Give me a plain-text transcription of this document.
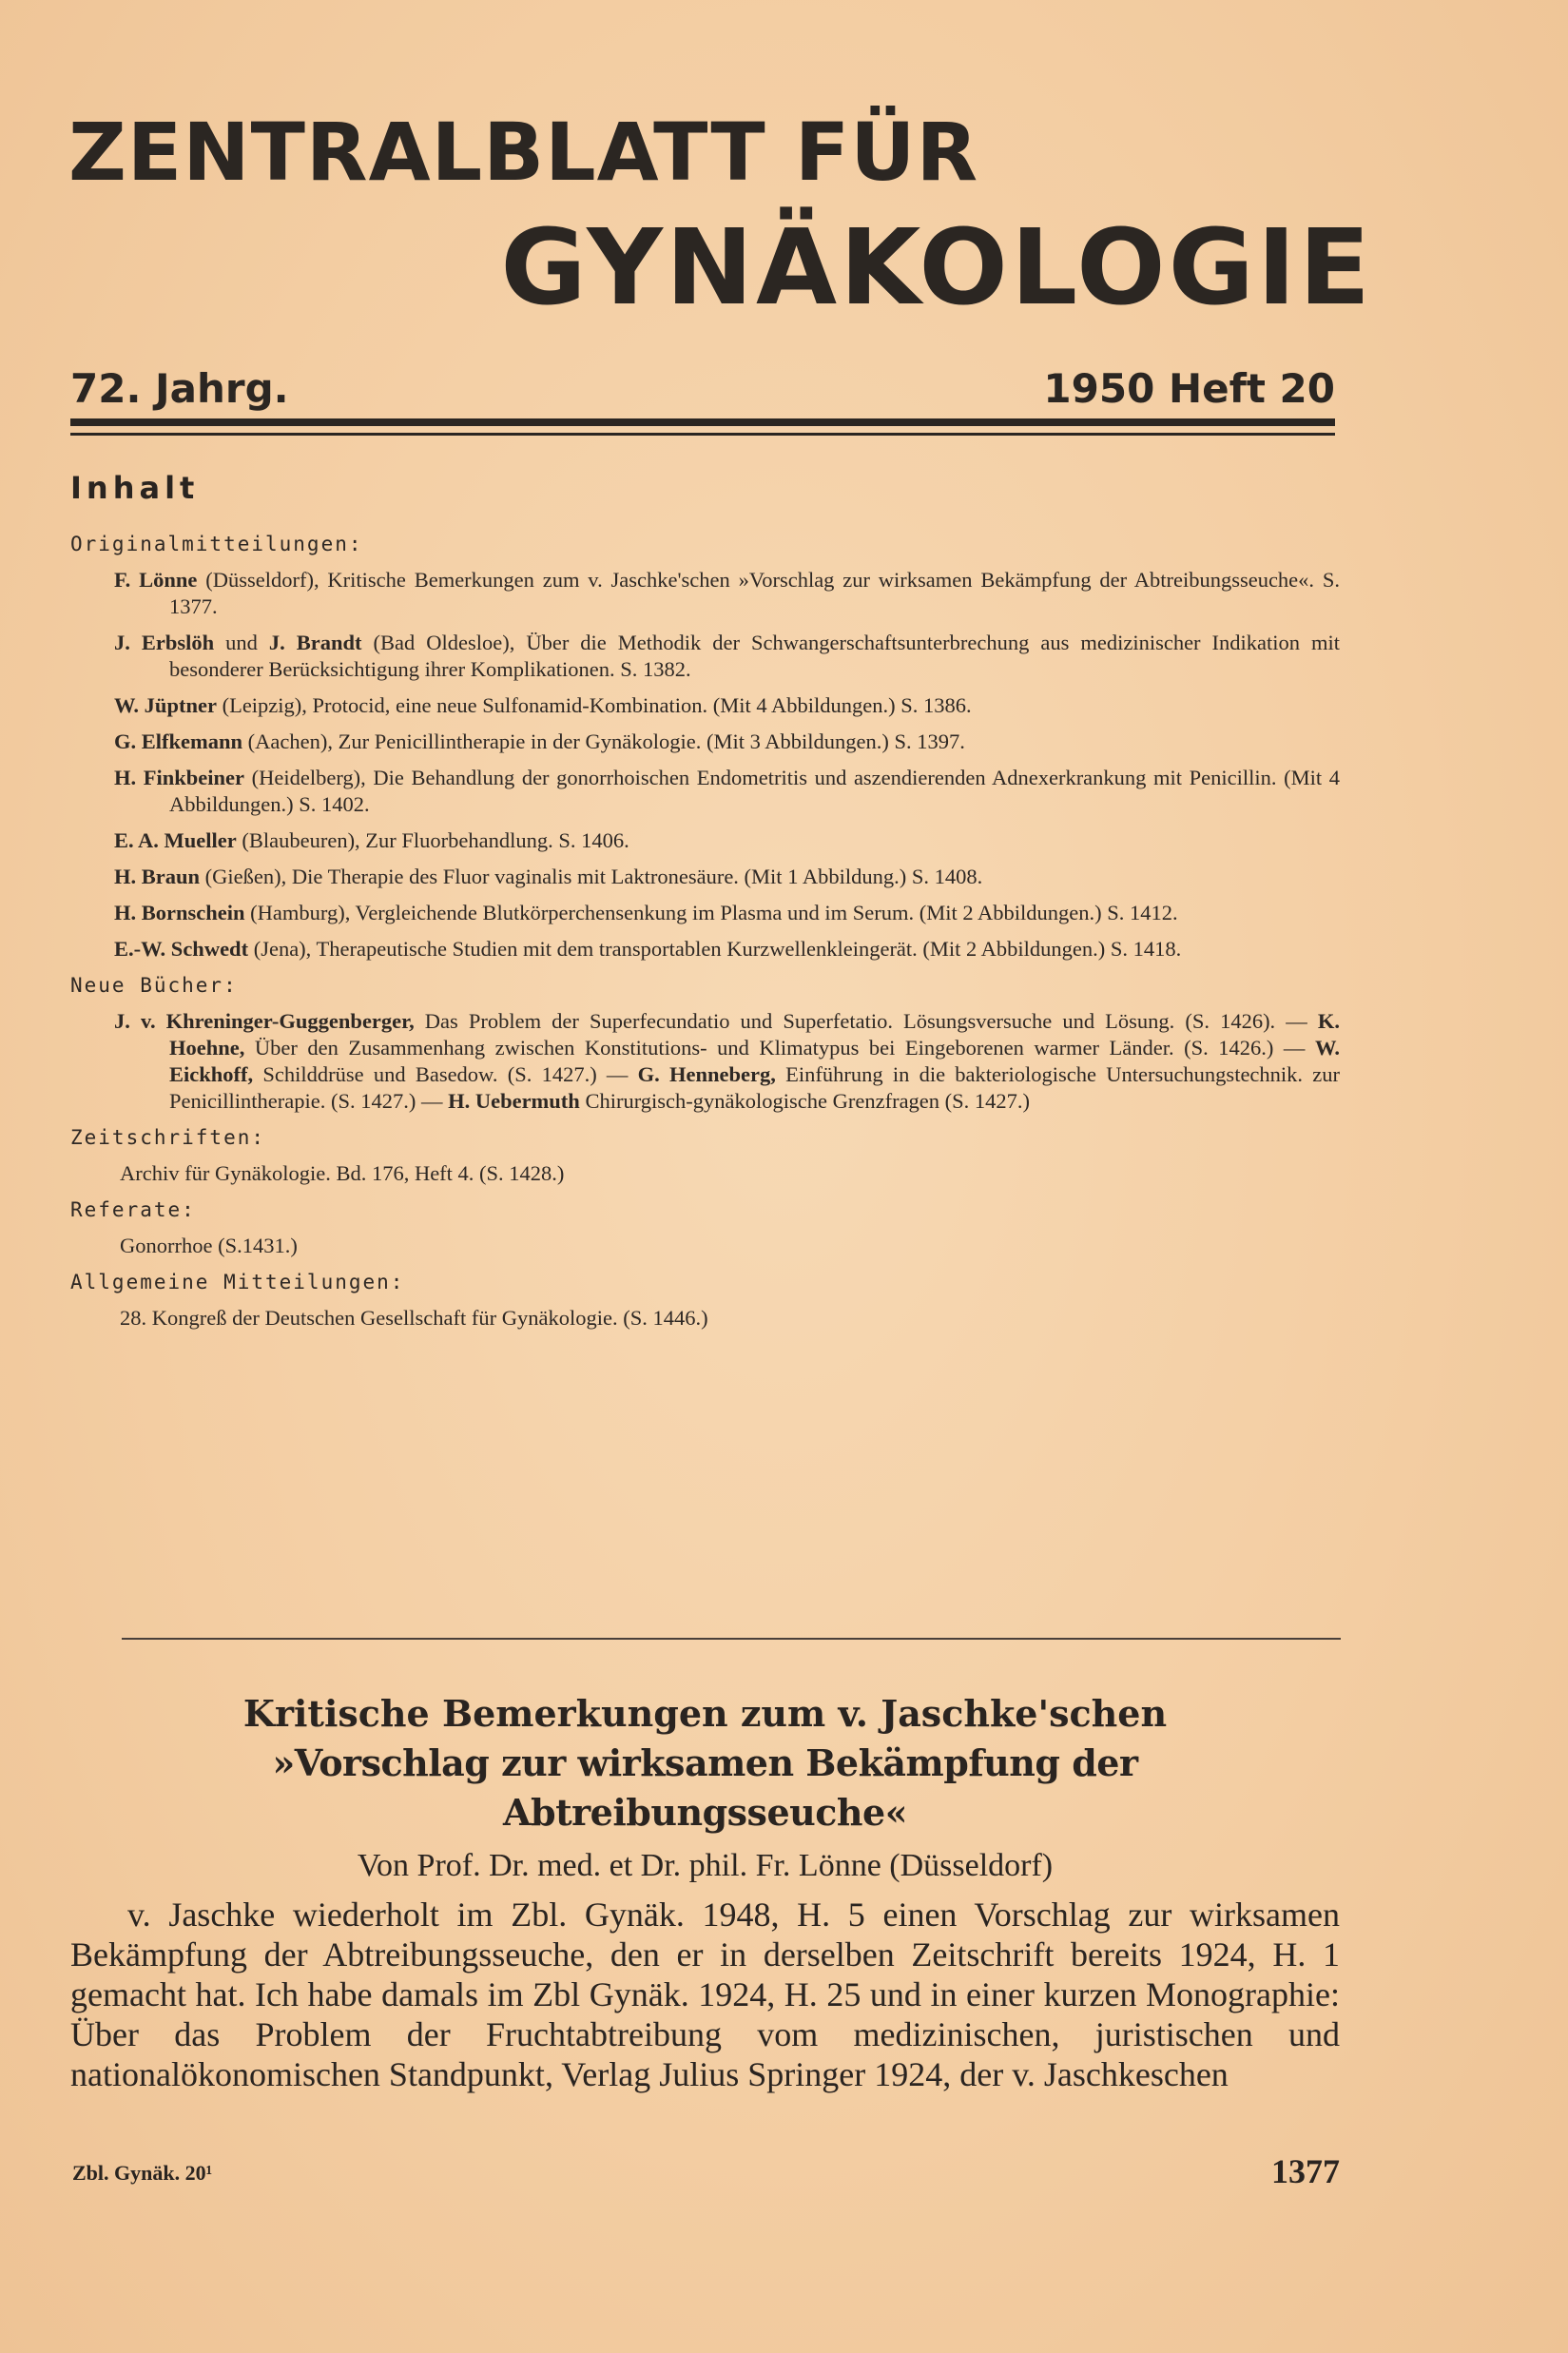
ZENTRALBLATT FÜR
GYNÄKOLOGIE
72. Jahrg.	1950 Heft 20
Inhalt
Originalmitteilungen:
F. Lönne (Düsseldorf), Kritische Bemerkungen zum v. Jaschke'schen »Vorschlag zur wirksamen Bekämpfung der Abtreibungsseuche«. S. 1377.
J. Erbslöh und J. Brandt (Bad Oldesloe), Über die Methodik der Schwangerschaftsunterbrechung aus medizinischer Indikation mit besonderer Berücksichtigung ihrer Komplikationen. S. 1382.
W. Jüptner (Leipzig), Protocid, eine neue Sulfonamid-Kombination. (Mit 4 Abbildungen.) S. 1386.
G. Elfkemann (Aachen), Zur Penicillintherapie in der Gynäkologie. (Mit 3 Abbildungen.) S. 1397.
H. Finkbeiner (Heidelberg), Die Behandlung der gonorrhoischen Endometritis und aszendierenden Adnexerkrankung mit Penicillin. (Mit 4 Abbildungen.) S. 1402.
E. A. Mueller (Blaubeuren), Zur Fluorbehandlung. S. 1406.
H. Braun (Gießen), Die Therapie des Fluor vaginalis mit Laktronesäure. (Mit 1 Abbildung.) S. 1408.
H. Bornschein (Hamburg), Vergleichende Blutkörperchensenkung im Plasma und im Serum. (Mit 2 Abbildungen.) S. 1412.
E.-W. Schwedt (Jena), Therapeutische Studien mit dem transportablen Kurzwellenkleingerät. (Mit 2 Abbildungen.) S. 1418.
Neue Bücher:
J. v. Khreninger-Guggenberger, Das Problem der Superfecundatio und Superfetatio. Lösungsversuche und Lösung. (S. 1426). — K. Hoehne, Über den Zusammenhang zwischen Konstitutions- und Klimatypus bei Eingeborenen warmer Länder. (S. 1426.) — W. Eickhoff, Schilddrüse und Basedow. (S. 1427.) — G. Henneberg, Einführung in die bakteriologische Untersuchungstechnik. zur Penicillintherapie. (S. 1427.) — H. Uebermuth Chirurgisch-gynäkologische Grenzfragen (S. 1427.)
Zeitschriften:
Archiv für Gynäkologie. Bd. 176, Heft 4. (S. 1428.)
Referate:
Gonorrhoe (S.1431.)
Allgemeine Mitteilungen:
28. Kongreß der Deutschen Gesellschaft für Gynäkologie. (S. 1446.)
Kritische Bemerkungen zum v. Jaschke'schen
»Vorschlag zur wirksamen Bekämpfung der Abtreibungsseuche«
Von Prof. Dr. med. et Dr. phil. Fr. Lönne (Düsseldorf)
v. Jaschke wiederholt im Zbl. Gynäk. 1948, H. 5 einen Vorschlag zur wirksamen Bekämpfung der Abtreibungsseuche, den er in derselben Zeitschrift bereits 1924, H. 1 gemacht hat. Ich habe damals im Zbl Gynäk. 1924, H. 25 und in einer kurzen Monographie: Über das Problem der Fruchtabtreibung vom medizinischen, juristischen und nationalökonomischen Standpunkt, Verlag Julius Springer 1924, der v. Jaschkeschen
Zbl. Gynäk. 20¹	1377
